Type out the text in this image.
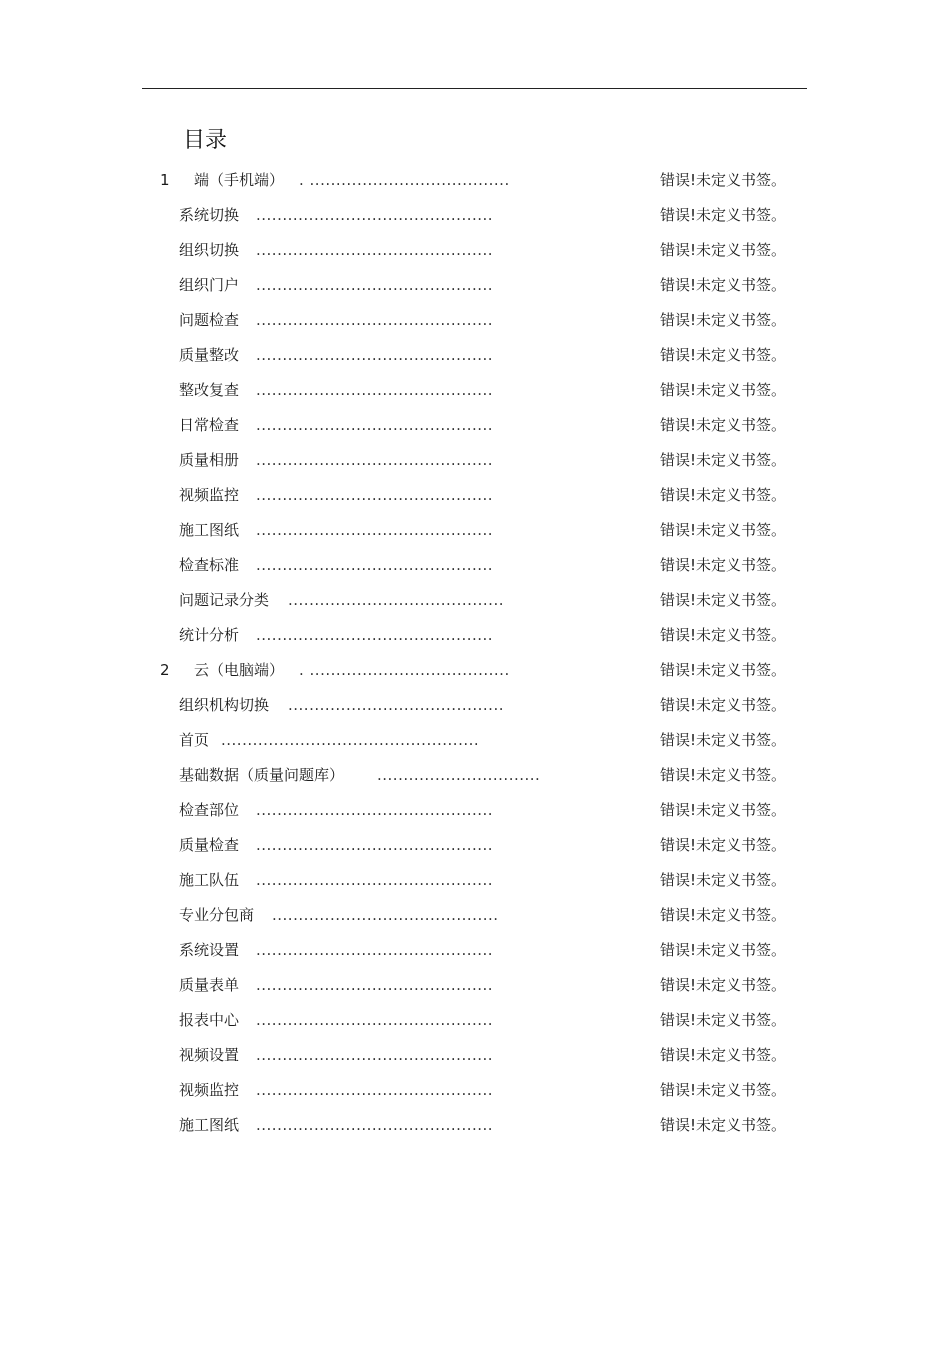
目录
1 端（手机端） . ......................................	错误!未定义书签。
系统切换 .............................................	错误!未定义书签。
组织切换 .............................................	错误!未定义书签。
组织门户 .............................................	错误!未定义书签。
问题检查 .............................................	错误!未定义书签。
质量整改 .............................................	错误!未定义书签。
整改复查 .............................................	错误!未定义书签。
日常检查 .............................................	错误!未定义书签。
质量相册 .............................................	错误!未定义书签。
视频监控 .............................................	错误!未定义书签。
施工图纸 .............................................	错误!未定义书签。
检查标准 .............................................	错误!未定义书签。
问题记录分类 .........................................	错误!未定义书签。
统计分析 .............................................	错误!未定义书签。
2 云（电脑端） . ......................................	错误!未定义书签。
组织机构切换 .........................................	错误!未定义书签。
首页 .................................................	错误!未定义书签。
基础数据（质量问题库） ...............................	错误!未定义书签。
检查部位 .............................................	错误!未定义书签。
质量检查 .............................................	错误!未定义书签。
施工队伍 .............................................	错误!未定义书签。
专业分包商 ...........................................	错误!未定义书签。
系统设置 .............................................	错误!未定义书签。
质量表单 .............................................	错误!未定义书签。
报表中心 .............................................	错误!未定义书签。
视频设置 .............................................	错误!未定义书签。
视频监控 .............................................	错误!未定义书签。
施工图纸 .............................................	错误!未定义书签。
